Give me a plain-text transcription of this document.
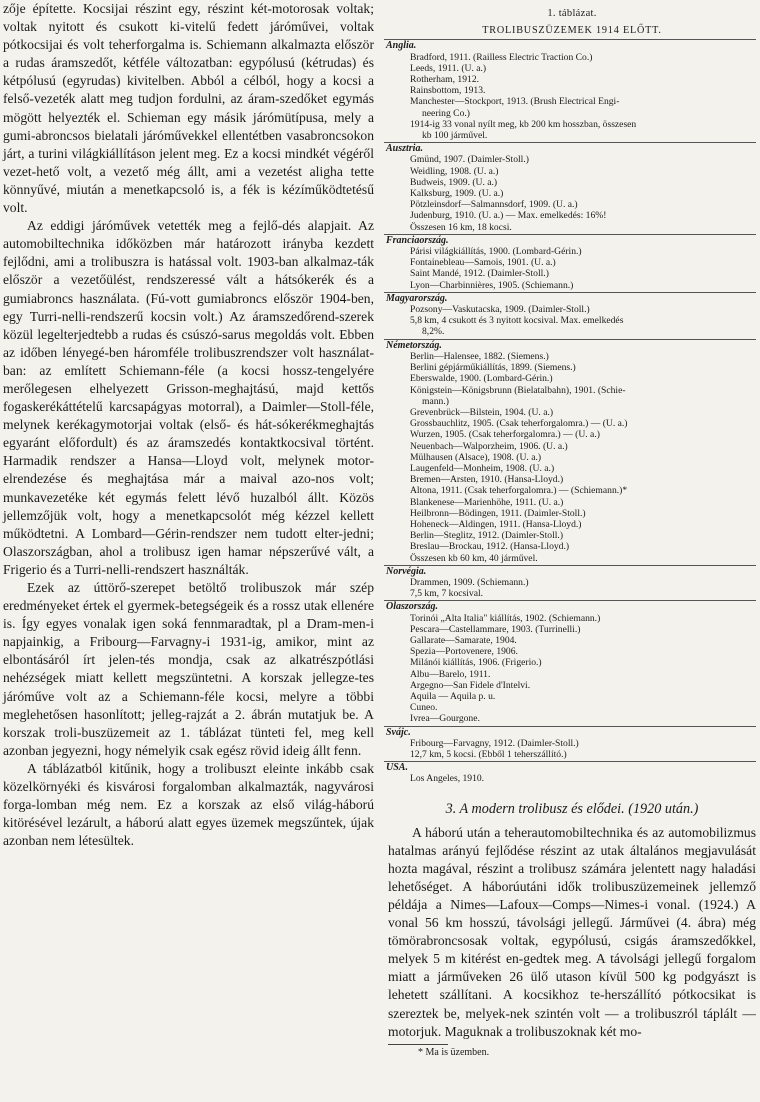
zője építette. Kocsijai részint egy, részint két-motorosak voltak; voltak nyitott és csukott ki-vitelű fedett járóművei, voltak pótkocsijai és volt teherforgalma is. Schiemann alkalmazta először a rudas áramszedőt, kétféle változatban: egypólusú (kétrudas) és kétpólusú (egyrudas) kivitelben. Abból a célból, hogy a kocsi a felső-vezeték alatt meg tudjon fordulni, az áram-szedőket egymás mögött helyezték el. Schieman egy másik járómütípusa, mely a gumi-abroncsos bielatali járóművekkel ellentétben vasabroncsokon járt, a turini világkiállításon jelent meg. Ez a kocsi mindkét végéről vezet-hető volt, a vezető még állt, ami a vezetést aligha tette könnyűvé, miután a menetkapcsoló is, a fék is kézíműködtetésű volt.

Az eddigi járóművek vetették meg a fejlő-dés alapjait. Az automobiltechnika időközben már határozott irányba kezdett fejlődni, ami a trolibuszra is hatással volt. 1903-ban alkalmaz-ták először a vezetőülést, rendszeressé vált a hátsókerék és a gumiabroncs használata. (Fú-vott gumiabroncs először 1904-ben, egy Turri-nelli-rendszerű kocsin volt.) Az áramszedőrend-szerek közül legelterjedtebb a rudas és csúszó-sarus megoldás volt. Ebben az időben lényegé-ben háromféle trolibuszrendszer volt használat-ban: az említett Schiemann-féle (a kocsi hossz-tengelyére merőlegesen elhelyezett Grisson-meghajtású, majd kettős fogaskerékáttételű karcsapágyas motorral), a Daimler—Stoll-féle, melynek kerékagymotorjai voltak (első- és hát-sókerékmeghajtás egyaránt előfordult) és az áramszedés kontaktkocsival történt. Harmadik rendszer a Hansa—Lloyd volt, melynek motor-elrendezése és meghajtása már a maival azo-nos volt; munkavezetéke két egymás felett lévő huzalból állt. Közös jellemzőjük volt, hogy a menetkapcsolót még kézzel kellett működtetni. A Lombard—Gérin-rendszer nem tudott elter-jedni; Olaszországban, ahol a trolibusz igen hamar népszerűvé vált, a Frigerio és a Turri-nelli-rendszert használták.

Ezek az úttörő-szerepet betöltő trolibuszok már szép eredményeket értek el gyermek-betegségeik és a rossz utak ellenére is. Így egyes vonalak igen soká fennmaradtak, pl a Dram-men-i napjainkig, a Fribourg—Farvagny-i 1931-ig, amikor, mint az elbontásáról írt jelen-tés mondja, csak az alkatrészpótlási nehézségek miatt kellett megszüntetni. A korszak jellegze-tes járóműve volt az a Schiemann-féle kocsi, melyre a többi meglehetősen hasonlított; jelleg-rajzát a 2. ábrán mutatjuk be. A korszak troli-buszüzemeit az 1. táblázat tünteti fel, meg kell azonban jegyezni, hogy némelyik csak egész rövid ideig állt fenn.

A táblázatból kitűnik, hogy a trolibuszt eleinte inkább csak közelkörnyéki és kisvárosi forgalomban alkalmazták, nagyvárosi forga-lomban még nem. Ez a korszak az első világ-háború kitörésével lezárult, a háború alatt egyes üzemek megszűntek, újak azonban nem létesültek.

1. táblázat.
TROLIBUSZÜZEMEK 1914 ELŐTT.
Anglia.
Bradford, 1911. (Railless Electric Traction Co.)
Leeds, 1911. (U. a.)
Rotherham, 1912.
Rainsbottom, 1913.
Manchester—Stockport, 1913. (Brush Electrical Engi-
neering Co.)
1914-ig 33 vonal nyílt meg, kb 200 km hosszban, összesen
kb 100 járművel.
Ausztria.
Gmünd, 1907. (Daimler-Stoll.)
Weidling, 1908. (U. a.)
Budweis, 1909. (U. a.)
Kalksburg, 1909. (U. a.)
Pötzleinsdorf—Salmannsdorf, 1909. (U. a.)
Judenburg, 1910. (U. a.) — Max. emelkedés: 16%!
Összesen 16 km, 18 kocsi.
Franciaország.
Párisi világkiállítás, 1900. (Lombard-Gérin.)
Fontainebleau—Samois, 1901. (U. a.)
Saint Mandé, 1912. (Daimler-Stoll.)
Lyon—Charbinnières, 1905. (Schiemann.)
Magyarország.
Pozsony—Vaskutacska, 1909. (Daimler-Stoll.)
5,8 km, 4 csukott és 3 nyitott kocsival. Max. emelkedés
8,2%.
Németország.
Berlin—Halensee, 1882. (Siemens.)
Berlini gépjárműkiállítás, 1899. (Siemens.)
Eberswalde, 1900. (Lombard-Gérin.)
Königstein—Königsbrunn (Bielatalbahn), 1901. (Schie-
mann.)
Grevenbrück—Bilstein, 1904. (U. a.)
Grossbauchlitz, 1905. (Csak teherforgalomra.) — (U. a.)
Wurzen, 1905. (Csak teherforgalomra.) — (U. a.)
Neuenbach—Walporzheim, 1906. (U. a.)
Mülhausen (Alsace), 1908. (U. a.)
Laugenfeld—Monheim, 1908. (U. a.)
Bremen—Arsten, 1910. (Hansa-Lloyd.)
Altona, 1911. (Csak teherforgalomra.) — (Schiemann.)*
Blankenese—Marienhöhe, 1911. (U. a.)
Heilbronn—Bödingen, 1911. (Daimler-Stoll.)
Hoheneck—Aldingen, 1911. (Hansa-Lloyd.)
Berlin—Steglitz, 1912. (Daimler-Stoll.)
Breslau—Brockau, 1912. (Hansa-Lloyd.)
Összesen kb 60 km, 40 járművel.
Norvégia.
Drammen, 1909. (Schiemann.)
7,5 km, 7 kocsival.
Olaszország.
Torinói „Alta Italia" kiállítás, 1902. (Schiemann.)
Pescara—Castellammare, 1903. (Turrinelli.)
Gallarate—Samarate, 1904.
Spezia—Portovenere, 1906.
Milánói kiállítás, 1906. (Frigerio.)
Albu—Barelo, 1911.
Argegno—San Fidele d'Intelvi.
Aquila — Aquila p. u.
Cuneo.
Ivrea—Gourgone.
Svájc.
Fribourg—Farvagny, 1912. (Daimler-Stoll.)
12,7 km, 5 kocsi. (Ebből 1 teherszállító.)
USA.
Los Angeles, 1910.
3. A modern trolibusz és elődei. (1920 után.)

A háború után a teherautomobiltechnika és az automobilizmus hatalmas arányú fejlődése részint az utak általános megjavulását hozta magával, részint a trolibusz számára jelentett nagy haladási lehetőséget. A háborúutáni idők trolibuszüzemeinek jellemző példája a Nimes—Lafoux—Comps—Nimes-i vonal. (1924.) A vonal 56 km hosszú, távolsági jellegű. Járművei (4. ábra) még tömörabroncsosak voltak, egypólusú, csigás áramszedőkkel, melyek 5 m kitérést en-gedtek meg. A távolsági jellegű forgalom miatt a járműveken 26 ülő utason kívül 500 kg podgyászt is lehetett szállítani. A kocsikhoz te-herszállító pótkocsikat is szereztek be, melyek-nek szintén volt — a trolibuszról táplált — motorjuk. Maguknak a trolibuszoknak két mo-

* Ma is üzemben.
